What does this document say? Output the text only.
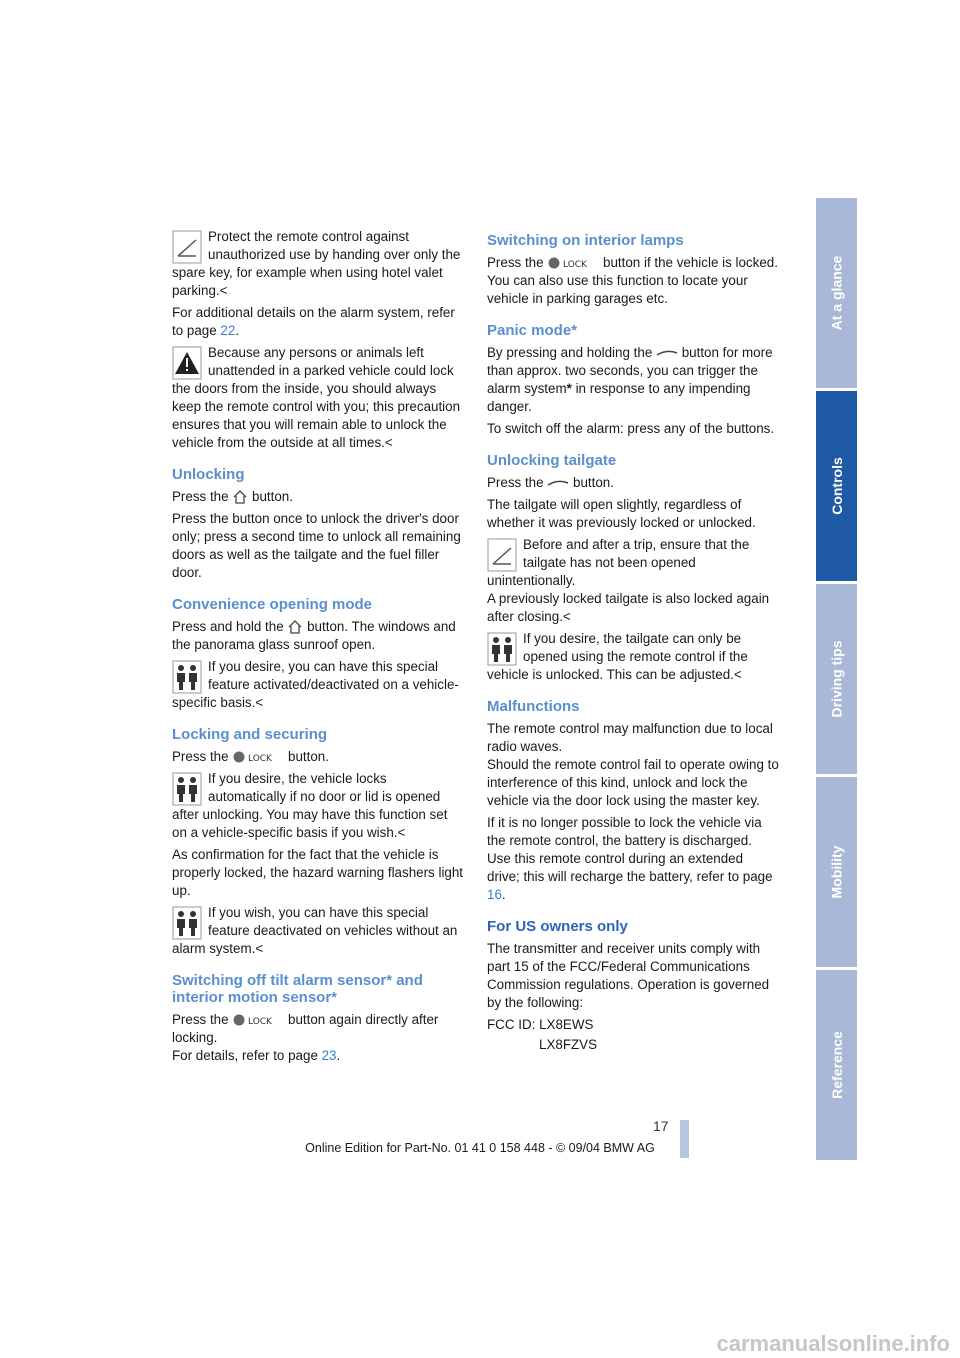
Protect the remote control against unauthorized use by handing over only the spare key, for example when using hotel valet parking.<

For additional details on the alarm system, refer to page 22.

Because any persons or animals left unattended in a parked vehicle could lock the doors from the inside, you should always keep the remote control with you; this precaution ensures that you will remain able to unlock the vehicle from the outside at all times.<

Unlocking

Press the  button.

Press the button once to unlock the driver's door only; press a second time to unlock all remaining doors as well as the tailgate and the fuel filler door.

Convenience opening mode

Press and hold the  button. The windows and the panorama glass sunroof open.

If you desire, you can have this special feature activated/deactivated on a vehicle-specific basis.<

Locking and securing

Press the LOCK button.

If you desire, the vehicle locks automatically if no door or lid is opened after unlocking. You may have this function set on a vehicle-specific basis if you wish.<

As confirmation for the fact that the vehicle is properly locked, the hazard warning flashers light up.

If you wish, you can have this special feature deactivated on vehicles without an alarm system.<

Switching off tilt alarm sensor* and interior motion sensor*

Press the LOCK button again directly after locking.
For details, refer to page 23.

Switching on interior lamps

Press the LOCK button if the vehicle is locked. You can also use this function to locate your vehicle in parking garages etc.

Panic mode*

By pressing and holding the  button for more than approx. two seconds, you can trigger the alarm system* in response to any impending danger.

To switch off the alarm: press any of the buttons.

Unlocking tailgate

Press the  button.

The tailgate will open slightly, regardless of whether it was previously locked or unlocked.

Before and after a trip, ensure that the tailgate has not been opened unintentionally.
A previously locked tailgate is also locked again after closing.<

If you desire, the tailgate can only be opened using the remote control if the vehicle is unlocked. This can be adjusted.<

Malfunctions

The remote control may malfunction due to local radio waves.
Should the remote control fail to operate owing to interference of this kind, unlock and lock the vehicle via the door lock using the master key.

If it is no longer possible to lock the vehicle via the remote control, the battery is discharged. Use this remote control during an extended drive; this will recharge the battery, refer to page 16.

For US owners only

The transmitter and receiver units comply with part 15 of the FCC/Federal Communications Commission regulations. Operation is governed by the following:

FCC ID: LX8EWS

LX8FZVS

At a glance
Controls
Driving tips
Mobility
Reference
17
Online Edition for Part-No. 01 41 0 158 448 - © 09/04 BMW AG
carmanualsonline.info
